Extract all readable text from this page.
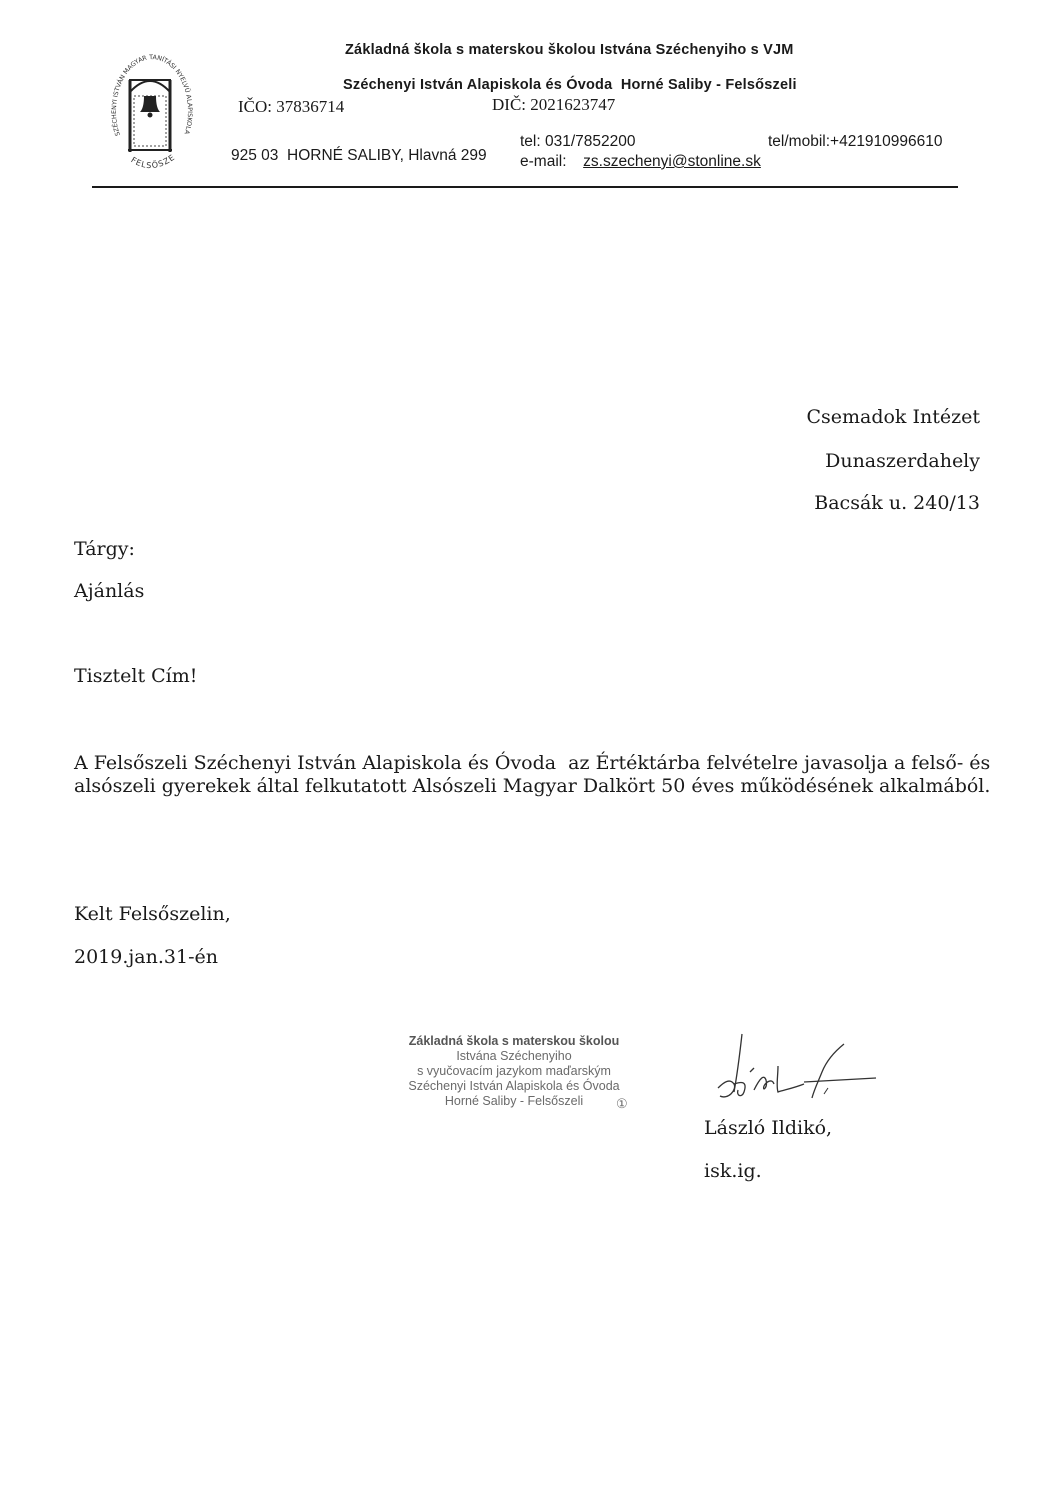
SZÉCHENYI ISTVÁN MAGYAR TANÍTÁSI NYELVŰ ALAPISKOLA
FELSŐSZE
Základná škola s materskou školou Istvána Széchenyiho s VJM
Széchenyi István Alapiskola és Óvoda  Horné Saliby - Felsőszeli
IČO: 37836714	DIČ: 2021623747
925 03  HORNÉ SALIBY, Hlavná 299
tel: 031/7852200
e-mail: zs.szechenyi@stonline.sk
tel/mobil:+421910996610
Csemadok Intézet
Dunaszerdahely
Bacsák u. 240/13
Tárgy:
Ajánlás
Tisztelt Cím!
A Felsőszeli Széchenyi István Alapiskola és Óvoda  az Értéktárba felvételre javasolja a felső- és
alsószeli gyerekek által felkutatott Alsószeli Magyar Dalkört 50 éves működésének alkalmából.
Kelt Felsőszelin,
2019.jan.31-én
Základná škola s materskou školou
Istvána Széchenyiho
s vyučovacím jazykom maďarským
Széchenyi István Alapiskola és Óvoda
Horné Saliby - Felsőszeli	①
László Ildikó,
isk.ig.
